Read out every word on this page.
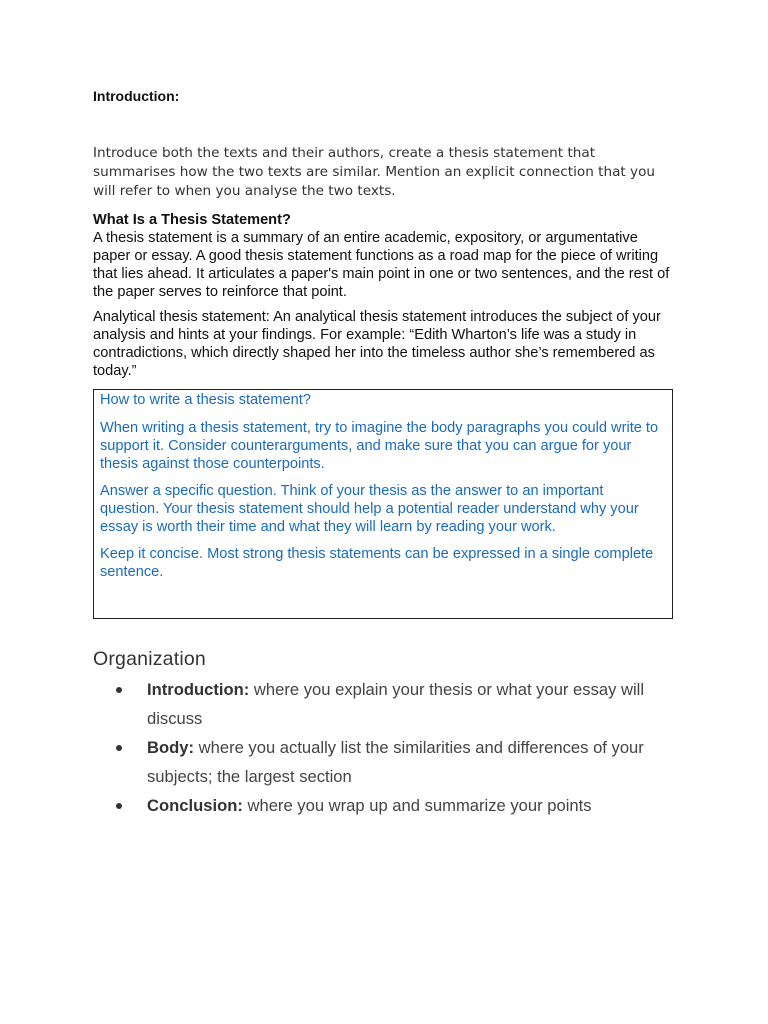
Introduction:

Introduce both the texts and their authors, create a thesis statement that summarises how the two texts are similar. Mention an explicit connection that you will refer to when you analyse the two texts.

What Is a Thesis Statement?

A thesis statement is a summary of an entire academic, expository, or argumentative paper or essay. A good thesis statement functions as a road map for the piece of writing that lies ahead. It articulates a paper's main point in one or two sentences, and the rest of the paper serves to reinforce that point.

Analytical thesis statement: An analytical thesis statement introduces the subject of your analysis and hints at your findings. For example: “Edith Wharton’s life was a study in contradictions, which directly shaped her into the timeless author she’s remembered as today.”

How to write a thesis statement?

When writing a thesis statement, try to imagine the body paragraphs you could write to support it. Consider counterarguments, and make sure that you can argue for your thesis against those counterpoints.

Answer a specific question. Think of your thesis as the answer to an important question. Your thesis statement should help a potential reader understand why your essay is worth their time and what they will learn by reading your work.

Keep it concise. Most strong thesis statements can be expressed in a single complete sentence.

Organization
Introduction: where you explain your thesis or what your essay will discuss
Body: where you actually list the similarities and differences of your subjects; the largest section
Conclusion: where you wrap up and summarize your points
